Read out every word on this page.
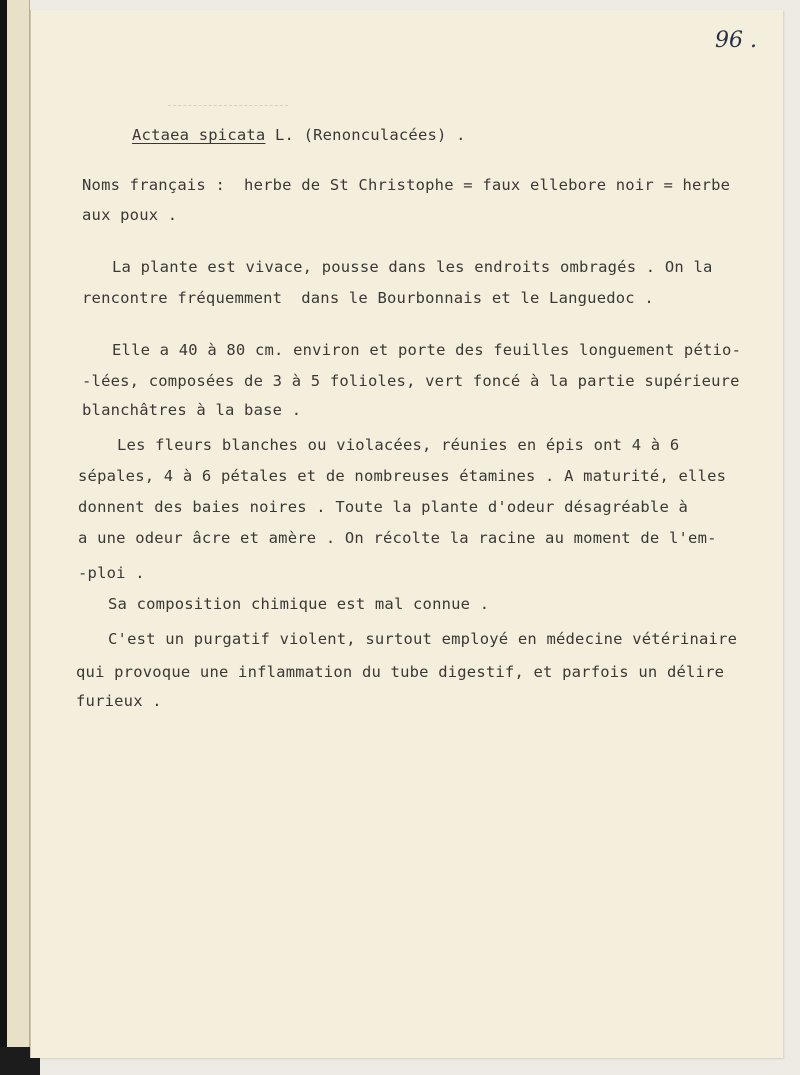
96 .
Actaea spicata L. (Renonculacées) .
Noms français :  herbe de St Christophe = faux ellebore noir = herbe
aux poux .
La plante est vivace, pousse dans les endroits ombragés . On la
rencontre fréquemment  dans le Bourbonnais et le Languedoc .
Elle a 40 à 80 cm. environ et porte des feuilles longuement pétio-
-lées, composées de 3 à 5 folioles, vert foncé à la partie supérieure
blanchâtres à la base .
Les fleurs blanches ou violacées, réunies en épis ont 4 à 6
sépales, 4 à 6 pétales et de nombreuses étamines . A maturité, elles
donnent des baies noires . Toute la plante d'odeur désagréable à
a une odeur âcre et amère . On récolte la racine au moment de l'em-
-ploi .
Sa composition chimique est mal connue .
C'est un purgatif violent, surtout employé en médecine vétérinaire
qui provoque une inflammation du tube digestif, et parfois un délire
furieux .
